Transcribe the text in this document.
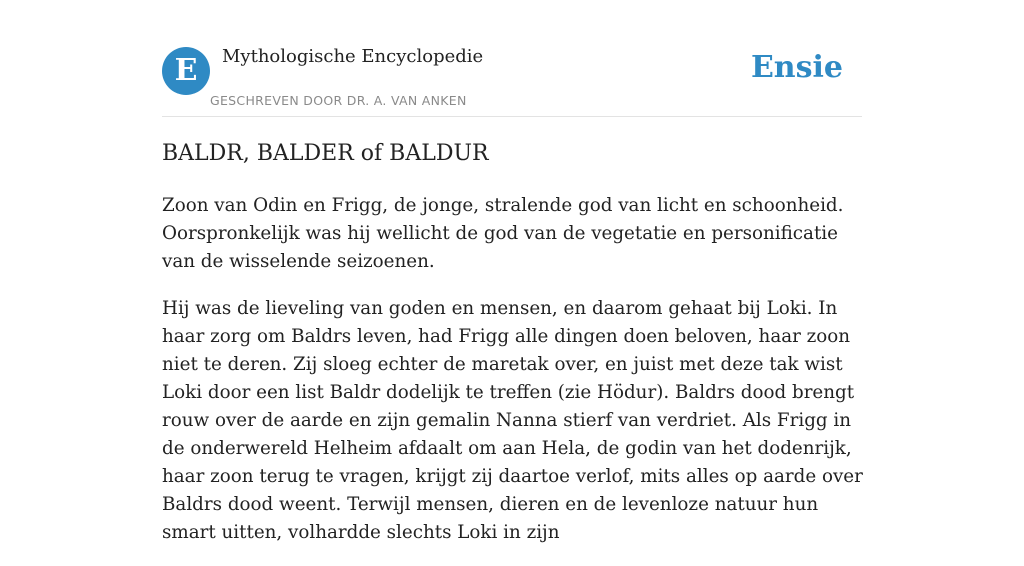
E	Mythologische Encyclopedie
GESCHREVEN DOOR DR. A. VAN ANKEN
Ensie
BALDR, BALDER of BALDUR

Zoon van Odin en Frigg, de jonge, stralende god van licht en schoonheid. Oorspronkelijk was hij wellicht de god van de vegetatie en personificatie van de wisselende seizoenen.

Hij was de lieveling van goden en mensen, en daarom gehaat bij Loki. In haar zorg om Baldrs leven, had Frigg alle dingen doen beloven, haar zoon niet te deren. Zij sloeg echter de maretak over, en juist met deze tak wist Loki door een list Baldr dodelijk te treffen (zie Hödur). Baldrs dood brengt rouw over de aarde en zijn gemalin Nanna stierf van verdriet. Als Frigg in de onderwereld Helheim afdaalt om aan Hela, de godin van het dodenrijk, haar zoon terug te vragen, krijgt zij daartoe verlof, mits alles op aarde over Baldrs dood weent. Terwijl mensen, dieren en de levenloze natuur hun smart uitten, volhardde slechts Loki in zijn
